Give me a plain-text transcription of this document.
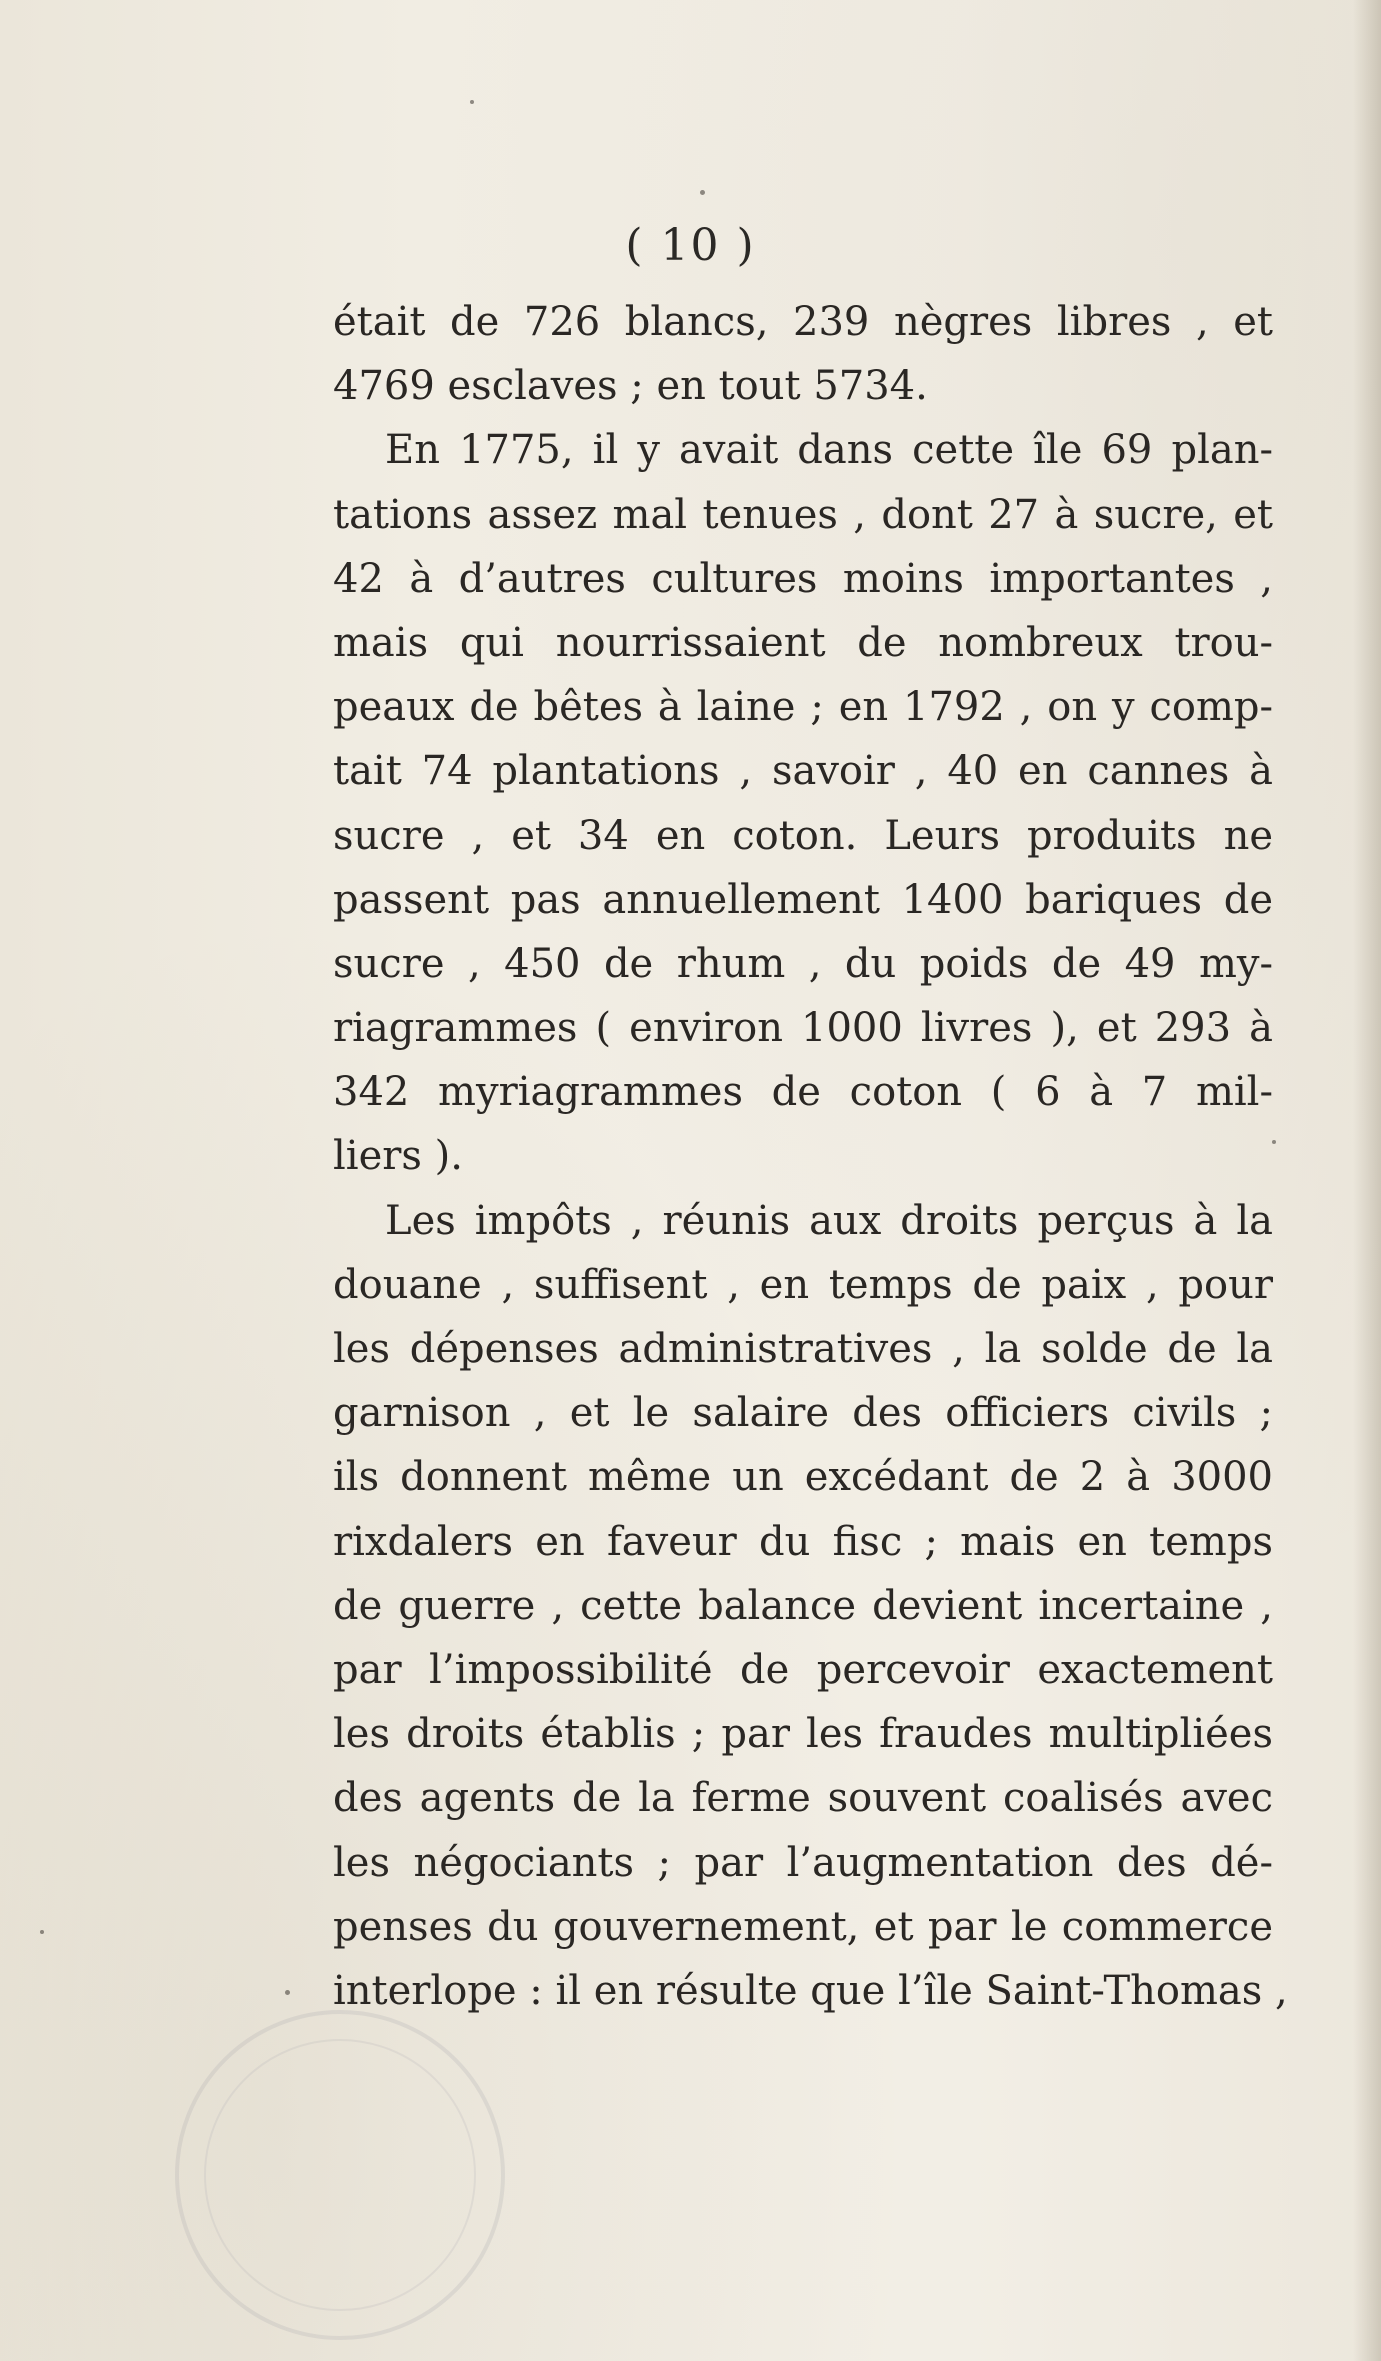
( 10 )
était de 726 blancs, 239 nègres libres , et
4769 esclaves ; en tout 5734.
En 1775, il y avait dans cette île 69 plan-
tations assez mal tenues , dont 27 à sucre, et
42 à d’autres cultures moins importantes ,
mais qui nourrissaient de nombreux trou-
peaux de bêtes à laine ; en 1792 , on y comp-
tait 74 plantations , savoir , 40 en cannes à
sucre , et 34 en coton. Leurs produits ne
passent pas annuellement 1400 bariques de
sucre , 450 de rhum , du poids de 49 my-
riagrammes ( environ 1000 livres ), et 293 à
342 myriagrammes de coton ( 6 à 7 mil-
liers ).
Les impôts , réunis aux droits perçus à la
douane , suffisent , en temps de paix , pour
les dépenses administratives , la solde de la
garnison , et le salaire des officiers civils ;
ils donnent même un excédant de 2 à 3000
rixdalers en faveur du fisc ; mais en temps
de guerre , cette balance devient incertaine ,
par l’impossibilité de percevoir exactement
les droits établis ; par les fraudes multipliées
des agents de la ferme souvent coalisés avec
les négociants ; par l’augmentation des dé-
penses du gouvernement, et par le commerce
interlope : il en résulte que l’île Saint-Thomas ,
